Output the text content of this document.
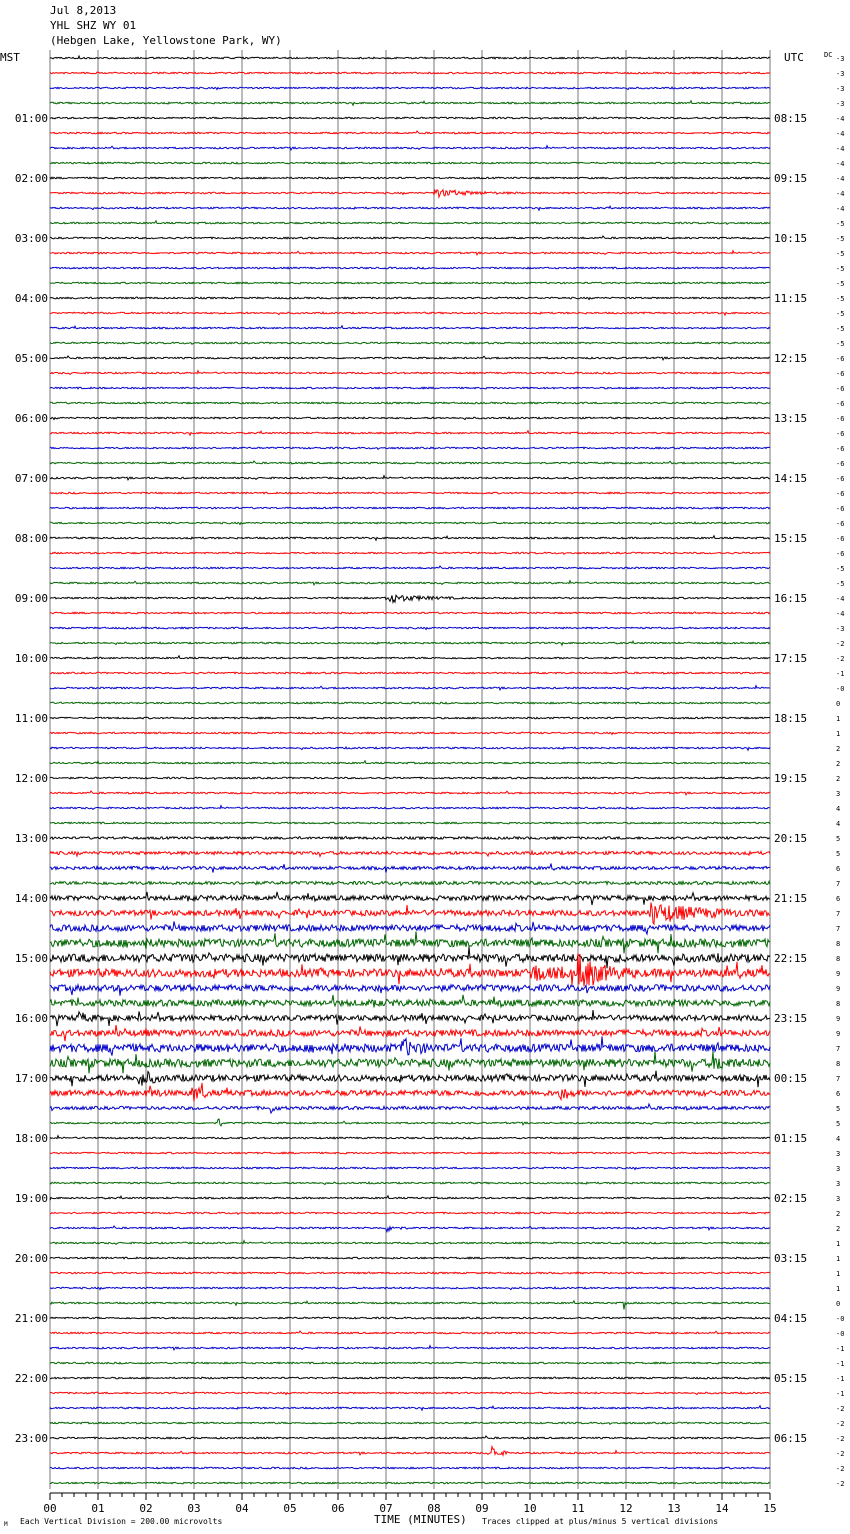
Jul 8,2013
YHL SHZ WY 01
(Hebgen Lake, Yellowstone Park, WY)
MST	UTC	DC
01:00	08:15
02:00	09:15
03:00	10:15
04:00	11:15
05:00	12:15
06:00	13:15
07:00	14:15
08:00	15:15
09:00	16:15
10:00	17:15
11:00	18:15
12:00	19:15
13:00	20:15
14:00	21:15
15:00	22:15
16:00	23:15
17:00	00:15
18:00	01:15
19:00	02:15
20:00	03:15
21:00	04:15
22:00	05:15
23:00	06:15
-3
-3
-3
-3
-4
-4
-4
-4
-4
-4
-4
-5
-5
-5
-5
-5
-5
-5
-5
-5
-6
-6
-6
-6
-6
-6
-6
-6
-6
-6
-6
-6
-6
-6
-5
-5
-4
-4
-3
-2
-2
-1
-0
0
1
1
2
2
2
3
4
4
5
5
6
7
6
7
7
8
8
9
9
8
9
9
7
8
7
6
5
5
4
3
3
3
3
2
2
1
1
1
1
0
-0
-0
-1
-1
-1
-1
-2
-2
-2
-2
-2
-2
00	01	02	03	04	05	06	07	08	09	10	11	12	13	14	15
M Each Vertical Division = 200.00 microvolts	TIME (MINUTES) Traces clipped at plus/minus 5 vertical divisions
